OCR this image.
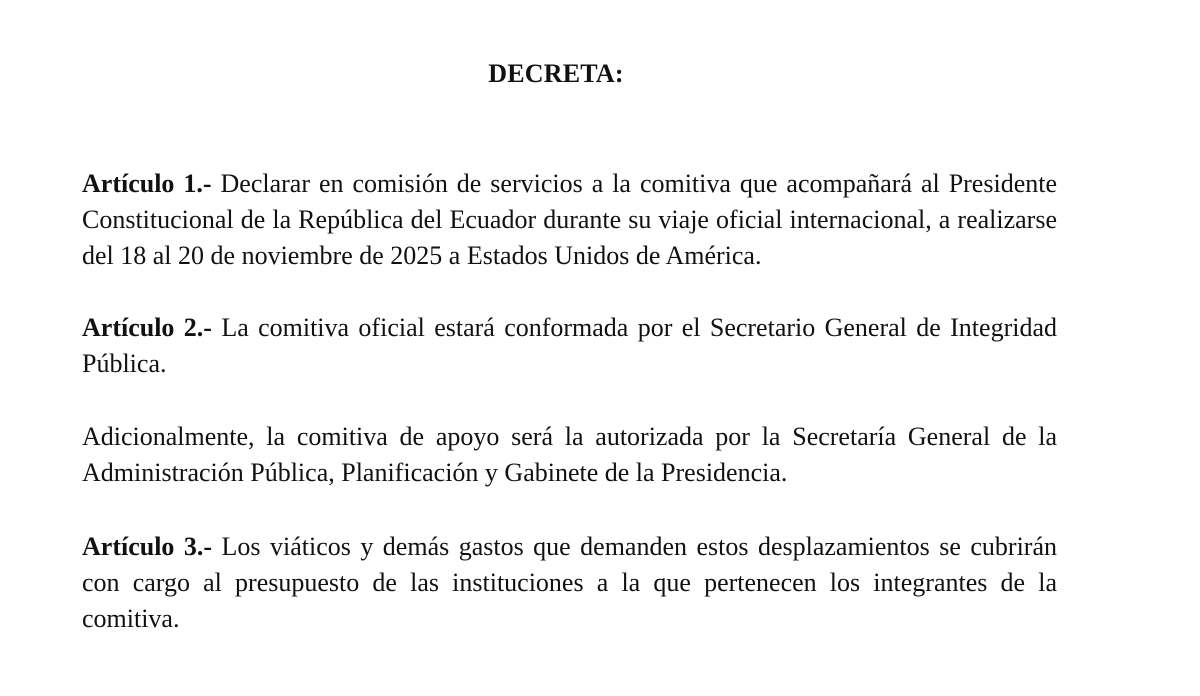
DECRETA:

Artículo 1.- Declarar en comisión de servicios a la comitiva que acompañará al Presidente Constitucional de la República del Ecuador durante su viaje oficial internacional, a realizarse del 18 al 20 de noviembre de 2025 a Estados Unidos de América.

Artículo 2.- La comitiva oficial estará conformada por el Secretario General de Integridad Pública.

Adicionalmente, la comitiva de apoyo será la autorizada por la Secretaría General de la Administración Pública, Planificación y Gabinete de la Presidencia.

Artículo 3.- Los viáticos y demás gastos que demanden estos desplazamientos se cubrirán con cargo al presupuesto de las instituciones a la que pertenecen los integrantes de la comitiva.
